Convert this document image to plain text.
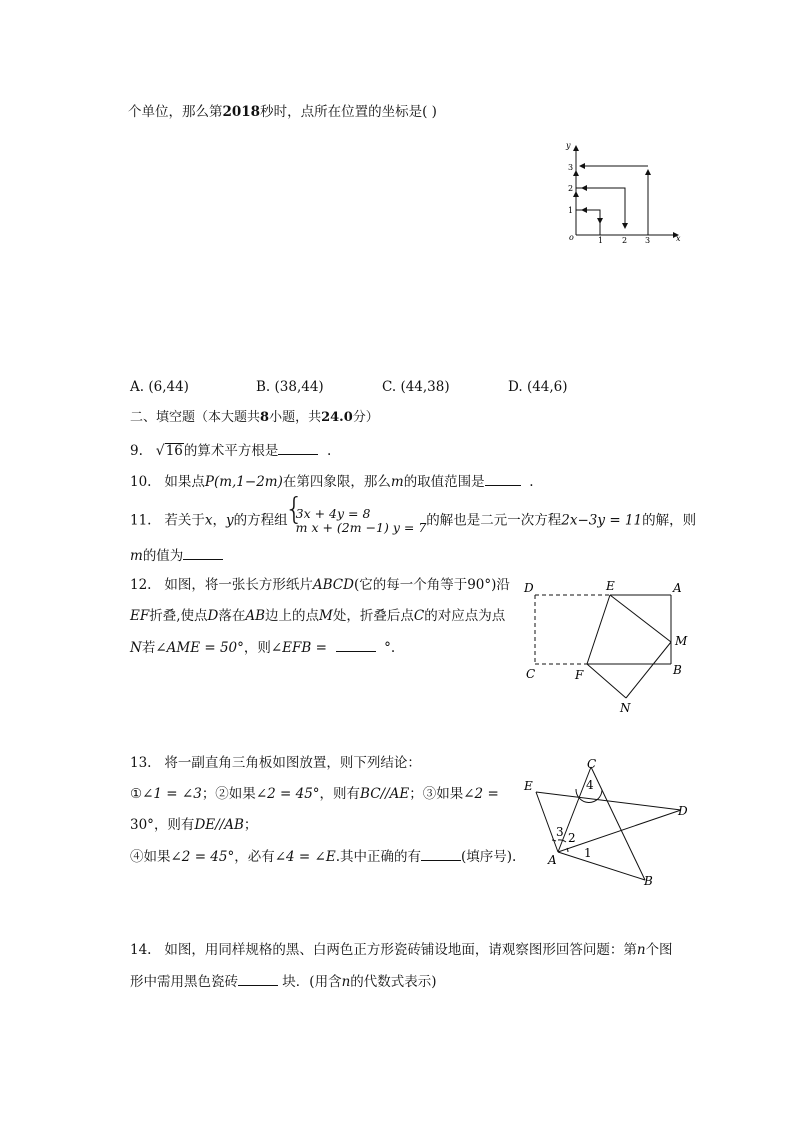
个单位，那么第2018秒时，点所在位置的坐标是( )
y
x
o	1 2 3
1
2
3
A. (6,44)	B. (38,44)	C. (44,38)	D. (44,6)
二、填空题（本大题共8小题，共24.0分）
9. √16的算术平方根是	.
10. 如果点P(m,1−2m)在第四象限，那么m的取值范围是	.
11. 若关于x，y的方程组
{ 3x + 4y = 8
m x + (2m −1) y = 7 的解也是二元一次方程2x−3y = 11的解，则
m的值为
12. 如图，将一张长方形纸片ABCD(它的每一个角等于90°)沿
EF折叠,使点D落在AB边上的点M处，折叠后点C的对应点为点
N若∠AME = 50°，则∠EFB =	°.
D	E	A
M
C	F	B
N
13. 将一副直角三角板如图放置，则下列结论：
①∠1 = ∠3；②如果∠2 = 45°，则有BC//AE；③如果∠2 =
30°，则有DE//AB；
④如果∠2 = 45°，必有∠4 = ∠E.其中正确的有	(填序号).
C
E
D
A
B
1
2
3
4
14. 如图，用同样规格的黑、白两色正方形瓷砖铺设地面，请观察图形回答问题：第n个图
形中需用黑色瓷砖	块．(用含n的代数式表示)
